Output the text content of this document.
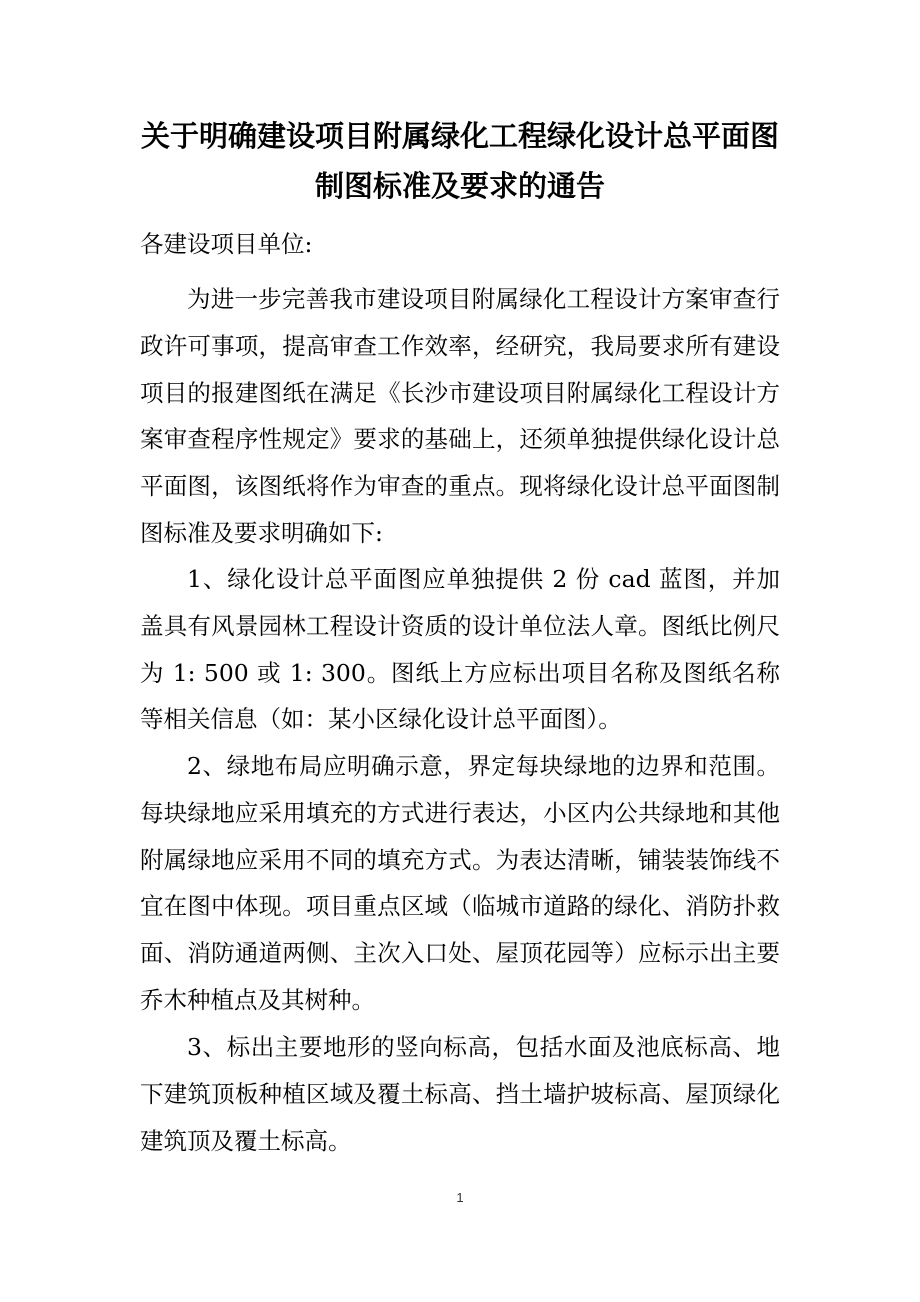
关于明确建设项目附属绿化工程绿化设计总平面图
制图标准及要求的通告

各建设项目单位:

为进一步完善我市建设项目附属绿化工程设计方案审查行政许可事项，提高审查工作效率，经研究，我局要求所有建设项目的报建图纸在满足《长沙市建设项目附属绿化工程设计方案审查程序性规定》要求的基础上，还须单独提供绿化设计总平面图，该图纸将作为审查的重点。现将绿化设计总平面图制图标准及要求明确如下:

1、绿化设计总平面图应单独提供 2 份 cad 蓝图，并加盖具有风景园林工程设计资质的设计单位法人章。图纸比例尺为 1: 500 或 1: 300。图纸上方应标出项目名称及图纸名称等相关信息（如：某小区绿化设计总平面图）。

2、绿地布局应明确示意，界定每块绿地的边界和范围。每块绿地应采用填充的方式进行表达，小区内公共绿地和其他附属绿地应采用不同的填充方式。为表达清晰，铺装装饰线不宜在图中体现。项目重点区域（临城市道路的绿化、消防扑救面、消防通道两侧、主次入口处、屋顶花园等）应标示出主要乔木种植点及其树种。

3、标出主要地形的竖向标高，包括水面及池底标高、地下建筑顶板种植区域及覆土标高、挡土墙护坡标高、屋顶绿化建筑顶及覆土标高。

1
